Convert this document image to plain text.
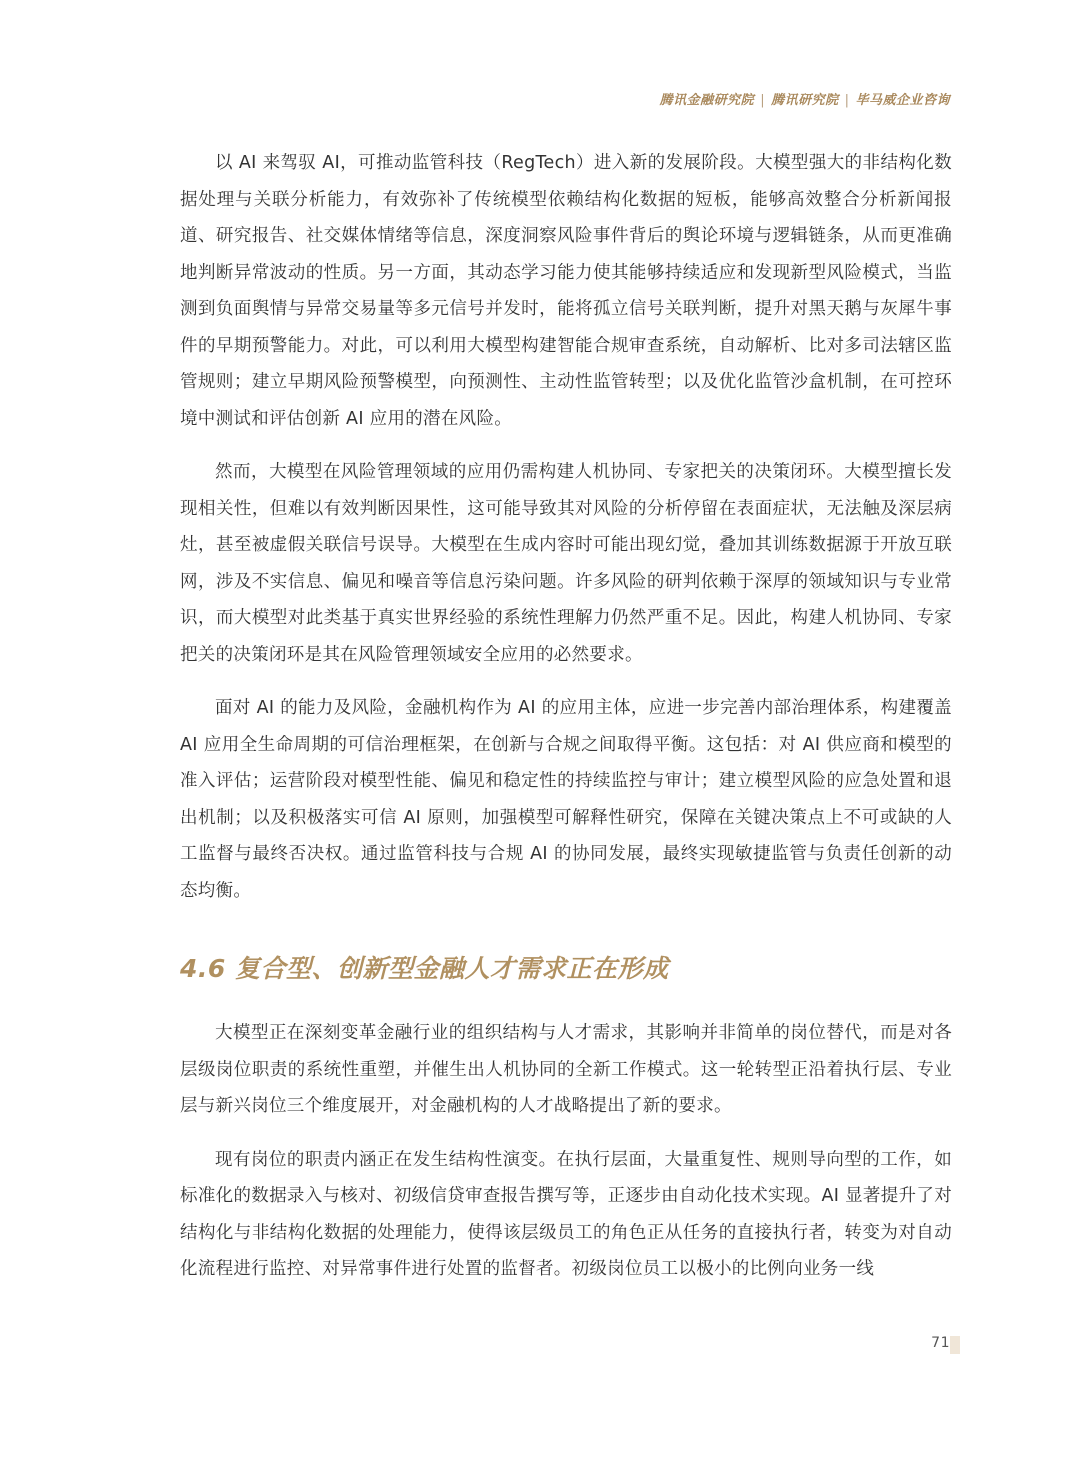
腾讯金融研究院 | 腾讯研究院 | 毕马威企业咨询

以 AI 来驾驭 AI，可推动监管科技（RegTech）进入新的发展阶段。大模型强大的非结构化数据处理与关联分析能力，有效弥补了传统模型依赖结构化数据的短板，能够高效整合分析新闻报道、研究报告、社交媒体情绪等信息，深度洞察风险事件背后的舆论环境与逻辑链条，从而更准确地判断异常波动的性质。另一方面，其动态学习能力使其能够持续适应和发现新型风险模式，当监测到负面舆情与异常交易量等多元信号并发时，能将孤立信号关联判断，提升对黑天鹅与灰犀牛事件的早期预警能力。对此，可以利用大模型构建智能合规审查系统，自动解析、比对多司法辖区监管规则；建立早期风险预警模型，向预测性、主动性监管转型；以及优化监管沙盒机制，在可控环境中测试和评估创新 AI 应用的潜在风险。

然而，大模型在风险管理领域的应用仍需构建人机协同、专家把关的决策闭环。大模型擅长发现相关性，但难以有效判断因果性，这可能导致其对风险的分析停留在表面症状，无法触及深层病灶，甚至被虚假关联信号误导。大模型在生成内容时可能出现幻觉，叠加其训练数据源于开放互联网，涉及不实信息、偏见和噪音等信息污染问题。许多风险的研判依赖于深厚的领域知识与专业常识，而大模型对此类基于真实世界经验的系统性理解力仍然严重不足。因此，构建人机协同、专家把关的决策闭环是其在风险管理领域安全应用的必然要求。

面对 AI 的能力及风险，金融机构作为 AI 的应用主体，应进一步完善内部治理体系，构建覆盖 AI 应用全生命周期的可信治理框架，在创新与合规之间取得平衡。这包括：对 AI 供应商和模型的准入评估；运营阶段对模型性能、偏见和稳定性的持续监控与审计；建立模型风险的应急处置和退出机制；以及积极落实可信 AI 原则，加强模型可解释性研究，保障在关键决策点上不可或缺的人工监督与最终否决权。通过监管科技与合规 AI 的协同发展，最终实现敏捷监管与负责任创新的动态均衡。

4.6 复合型、创新型金融人才需求正在形成

大模型正在深刻变革金融行业的组织结构与人才需求，其影响并非简单的岗位替代，而是对各层级岗位职责的系统性重塑，并催生出人机协同的全新工作模式。这一轮转型正沿着执行层、专业层与新兴岗位三个维度展开，对金融机构的人才战略提出了新的要求。

现有岗位的职责内涵正在发生结构性演变。在执行层面，大量重复性、规则导向型的工作，如标准化的数据录入与核对、初级信贷审查报告撰写等，正逐步由自动化技术实现。AI 显著提升了对结构化与非结构化数据的处理能力，使得该层级员工的角色正从任务的直接执行者，转变为对自动化流程进行监控、对异常事件进行处置的监督者。初级岗位员工以极小的比例向业务一线

71
